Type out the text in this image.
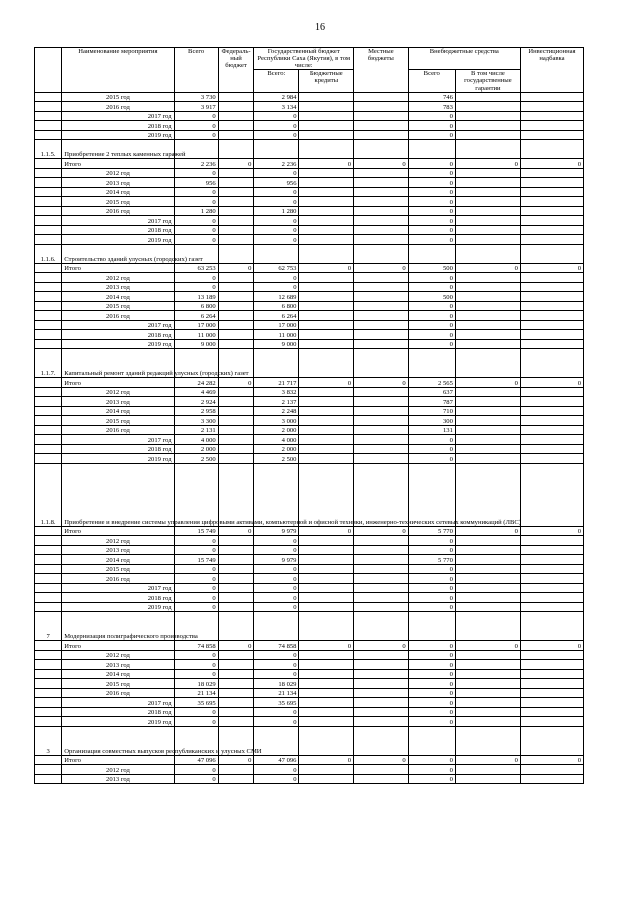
16
	Наименование мероприятия	Всего	Федераль-ный бюджет	Государственный бюджет Республики Саха (Якутия), в том числе:		Местные бюджеты	Внебюджетные средства		Инвестиционная надбавка
				Всего:	Бюджетные кредиты		Всего	В том числе государственные гарантии	
	2015 год	3 730		2 984			746		
	2016 год	3 917		3 134			783		
	2017 год	0		0			0		
	2018 год	0		0			0		
	2019 год	0		0			0		
1.1.5.	Приобретение 2 теплых каменных гаражей								
	Итого	2 236	0	2 236	0	0	0	0	0
	2012 год	0		0			0		
	2013 год	956		956			0		
	2014 год	0		0			0		
	2015 год	0		0			0		
	2016 год	1 280		1 280			0		
	2017 год	0		0			0		
	2018 год	0		0			0		
	2019 год	0		0			0		
1.1.6.	Строительство зданий улусных (городских) газет								
	Итого	63 253	0	62 753	0	0	500	0	0
	2012 год	0		0			0		
	2013 год	0		0			0		
	2014 год	13 189		12 689			500		
	2015 год	6 800		6 800			0		
	2016 год	6 264		6 264			0		
	2017 год	17 000		17 000			0		
	2018 год	11 000		11 000			0		
	2019 год	9 000		9 000			0		
1.1.7.	Капитальный ремонт зданий редакций улусных (городских) газет								
	Итого	24 282	0	21 717	0	0	2 565	0	0
	2012 год	4 469		3 832			637		
	2013 год	2 924		2 137			787		
	2014 год	2 958		2 248			710		
	2015 год	3 300		3 000			300		
	2016 год	2 131		2 000			131		
	2017 год	4 000		4 000			0		
	2018 год	2 000		2 000			0		
	2019 год	2 500		2 500			0		
1.1.8.	Приобретение и внедрение системы управления цифровыми активами, компьютерной и офисной техники, инженерно-технических сетевых коммуникаций (ЛВС)								
	Итого	15 749	0	9 979	0	0	5 770	0	0
	2012 год	0		0			0		
	2013 год	0		0			0		
	2014 год	15 749		9 979			5 770		
	2015 год	0		0			0		
	2016 год	0		0			0		
	2017 год	0		0			0		
	2018 год	0		0			0		
	2019 год	0		0			0		
7	Модернизация полиграфического производства								
	Итого	74 858	0	74 858	0	0	0	0	0
	2012 год	0		0			0		
	2013 год	0		0			0		
	2014 год	0		0			0		
	2015 год	18 029		18 029			0		
	2016 год	21 134		21 134			0		
	2017 год	35 695		35 695			0		
	2018 год	0		0			0		
	2019 год	0		0			0		
3	Организация совместных выпусков республиканских и улусных СМИ								
	Итого	47 096	0	47 096	0	0	0	0	0
	2012 год	0		0			0		
	2013 год	0		0			0		
